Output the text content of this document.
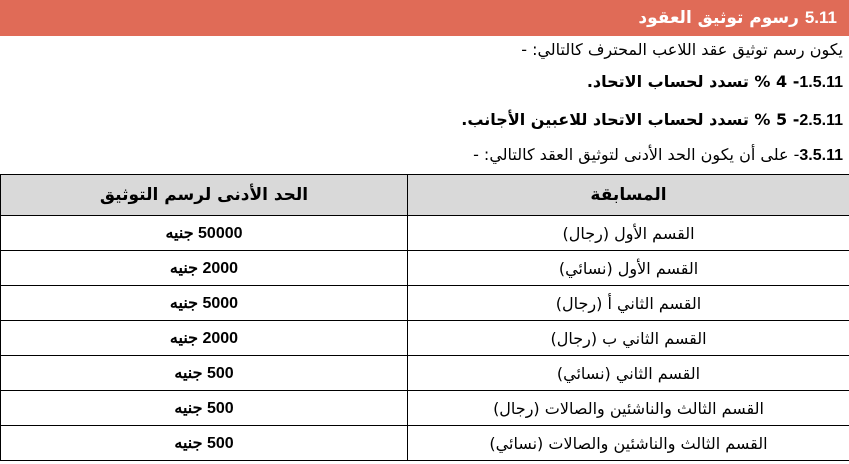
5.11 رسوم توثيق العقود
يكون رسم توثيق عقد اللاعب المحترف كالتالي: -
1.5.11- 4 % تسدد لحساب الاتحاد.
2.5.11- 5 % تسدد لحساب الاتحاد للاعبين الأجانب.
3.5.11- على أن يكون الحد الأدنى لتوثيق العقد كالتالي: -
المسابقة	الحد الأدنى لرسم التوثيق
القسم الأول (رجال)	50000 جنيه
القسم الأول (نسائي)	2000 جنيه
القسم الثاني أ (رجال)	5000 جنيه
القسم الثاني ب (رجال)	2000 جنيه
القسم الثاني (نسائي)	500 جنيه
القسم الثالث والناشئين والصالات (رجال)	500 جنيه
القسم الثالث والناشئين والصالات (نسائي)	500 جنيه
